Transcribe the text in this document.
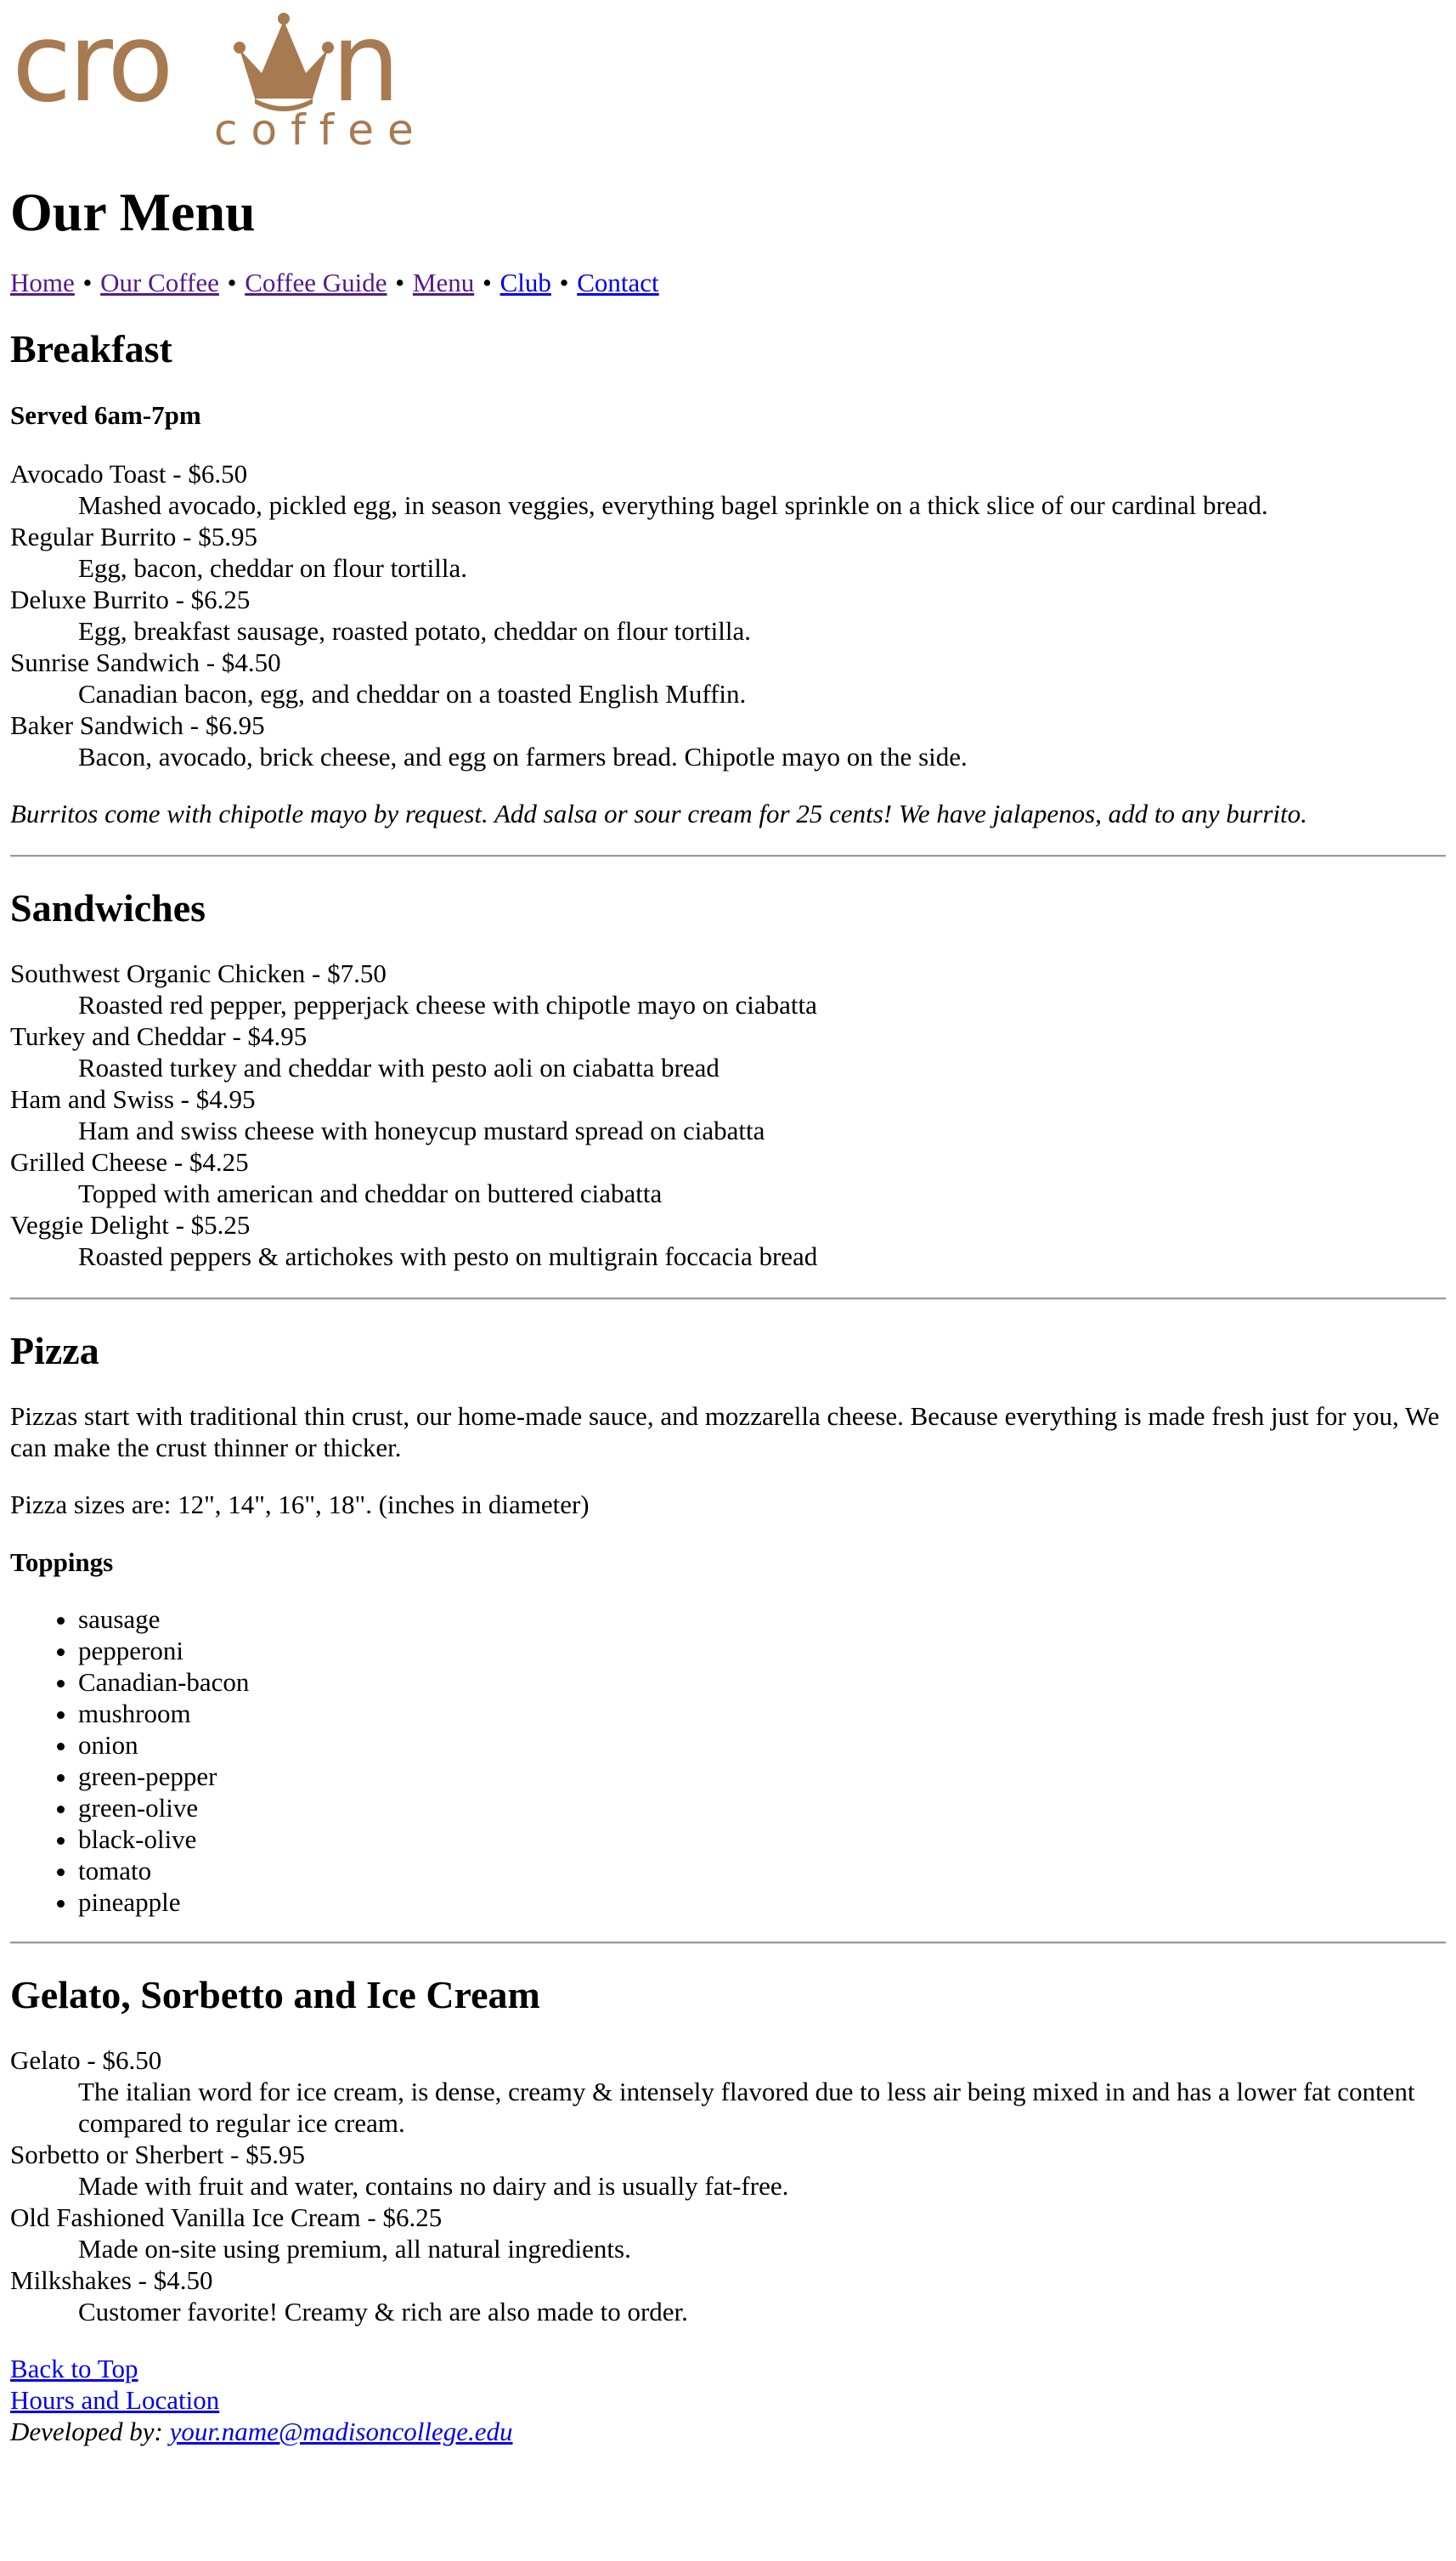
cro n
coffee
Our Menu
Home • Our Coffee • Coffee Guide • Menu • Club • Contact
Breakfast
Served 6am-7pm
Avocado Toast - $6.50
Mashed avocado, pickled egg, in season veggies, everything bagel sprinkle on a thick slice of our cardinal bread.
Regular Burrito - $5.95
Egg, bacon, cheddar on flour tortilla.
Deluxe Burrito - $6.25
Egg, breakfast sausage, roasted potato, cheddar on flour tortilla.
Sunrise Sandwich - $4.50
Canadian bacon, egg, and cheddar on a toasted English Muffin.
Baker Sandwich - $6.95
Bacon, avocado, brick cheese, and egg on farmers bread. Chipotle mayo on the side.

Burritos come with chipotle mayo by request. Add salsa or sour cream for 25 cents! We have jalapenos, add to any burrito.

Sandwiches
Southwest Organic Chicken - $7.50
Roasted red pepper, pepperjack cheese with chipotle mayo on ciabatta
Turkey and Cheddar - $4.95
Roasted turkey and cheddar with pesto aoli on ciabatta bread
Ham and Swiss - $4.95
Ham and swiss cheese with honeycup mustard spread on ciabatta
Grilled Cheese - $4.25
Topped with american and cheddar on buttered ciabatta
Veggie Delight - $5.25
Roasted peppers & artichokes with pesto on multigrain foccacia bread
Pizza

Pizzas start with traditional thin crust, our home-made sauce, and mozzarella cheese. Because everything is made fresh just for you, We can make the crust thinner or thicker.

Pizza sizes are: 12", 14", 16", 18". (inches in diameter)

Toppings
• sausage
• pepperoni
• Canadian-bacon
• mushroom
• onion
• green-pepper
• green-olive
• black-olive
• tomato
• pineapple
Gelato, Sorbetto and Ice Cream
Gelato - $6.50
The italian word for ice cream, is dense, creamy & intensely flavored due to less air being mixed in and has a lower fat content compared to regular ice cream.
Sorbetto or Sherbert - $5.95
Made with fruit and water, contains no dairy and is usually fat-free.
Old Fashioned Vanilla Ice Cream - $6.25
Made on-site using premium, all natural ingredients.
Milkshakes - $4.50
Customer favorite! Creamy & rich are also made to order.
Back to Top
Hours and Location
Developed by: your.name@madisoncollege.edu
